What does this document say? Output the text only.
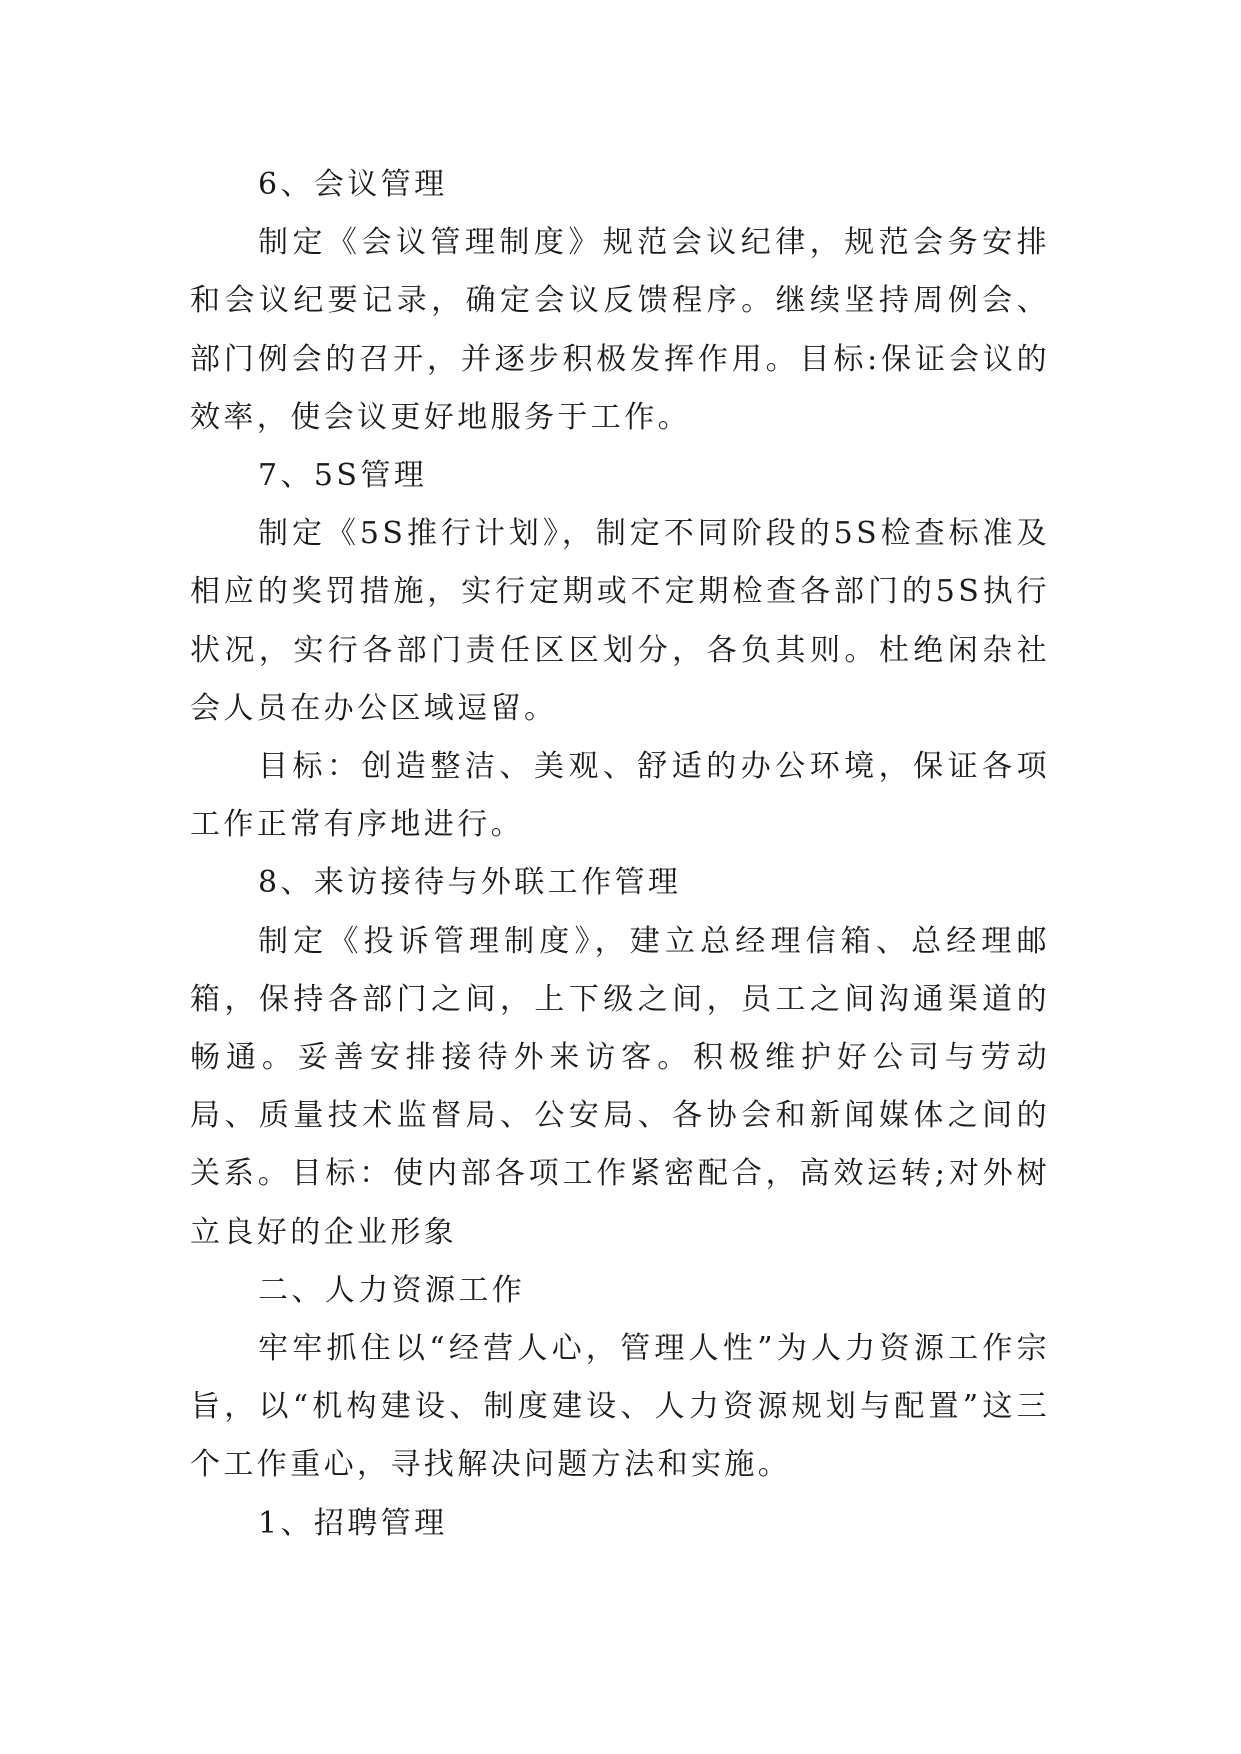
6、会议管理

制定《会议管理制度》规范会议纪律，规范会务安排和会议纪要记录，确定会议反馈程序。继续坚持周例会、部门例会的召开，并逐步积极发挥作用。目标:保证会议的效率，使会议更好地服务于工作。

7、5S管理

制定《5S推行计划》，制定不同阶段的5S检查标准及相应的奖罚措施，实行定期或不定期检查各部门的5S执行状况，实行各部门责任区区划分，各负其则。杜绝闲杂社会人员在办公区域逗留。

目标：创造整洁、美观、舒适的办公环境，保证各项工作正常有序地进行。

8、来访接待与外联工作管理

制定《投诉管理制度》，建立总经理信箱、总经理邮箱，保持各部门之间，上下级之间，员工之间沟通渠道的畅通。妥善安排接待外来访客。积极维护好公司与劳动局、质量技术监督局、公安局、各协会和新闻媒体之间的关系。目标：使内部各项工作紧密配合，高效运转;对外树立良好的企业形象

二、人力资源工作

牢牢抓住以“经营人心，管理人性”为人力资源工作宗旨，以“机构建设、制度建设、人力资源规划与配置”这三个工作重心，寻找解决问题方法和实施。

1、招聘管理
